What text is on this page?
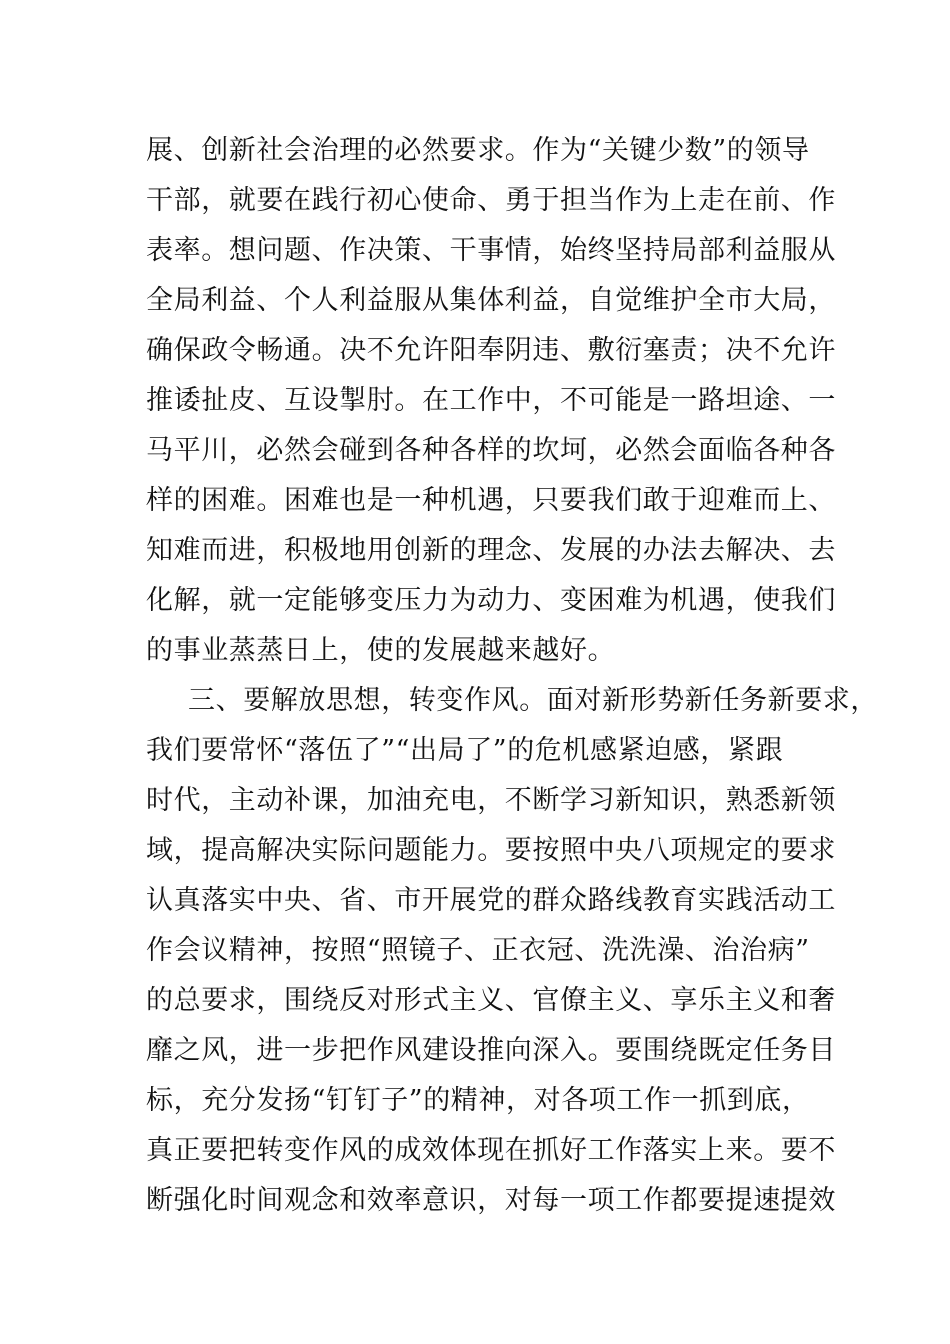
展、创新社会治理的必然要求。作为“关键少数”的领导
干部，就要在践行初心使命、勇于担当作为上走在前、作
表率。想问题、作决策、干事情，始终坚持局部利益服从
全局利益、个人利益服从集体利益，自觉维护全市大局，
确保政令畅通。决不允许阳奉阴违、敷衍塞责；决不允许
推诿扯皮、互设掣肘。在工作中，不可能是一路坦途、一
马平川，必然会碰到各种各样的坎坷，必然会面临各种各
样的困难。困难也是一种机遇，只要我们敢于迎难而上、
知难而进，积极地用创新的理念、发展的办法去解决、去
化解，就一定能够变压力为动力、变困难为机遇，使我们
的事业蒸蒸日上，使的发展越来越好。
三、要解放思想，转变作风。面对新形势新任务新要求，
我们要常怀“落伍了”“出局了”的危机感紧迫感，紧跟
时代，主动补课，加油充电，不断学习新知识，熟悉新领
域，提高解决实际问题能力。要按照中央八项规定的要求
认真落实中央、省、市开展党的群众路线教育实践活动工
作会议精神，按照“照镜子、正衣冠、洗洗澡、治治病”
的总要求，围绕反对形式主义、官僚主义、享乐主义和奢
靡之风，进一步把作风建设推向深入。要围绕既定任务目
标，充分发扬“钉钉子”的精神，对各项工作一抓到底，
真正要把转变作风的成效体现在抓好工作落实上来。要不
断强化时间观念和效率意识，对每一项工作都要提速提效
